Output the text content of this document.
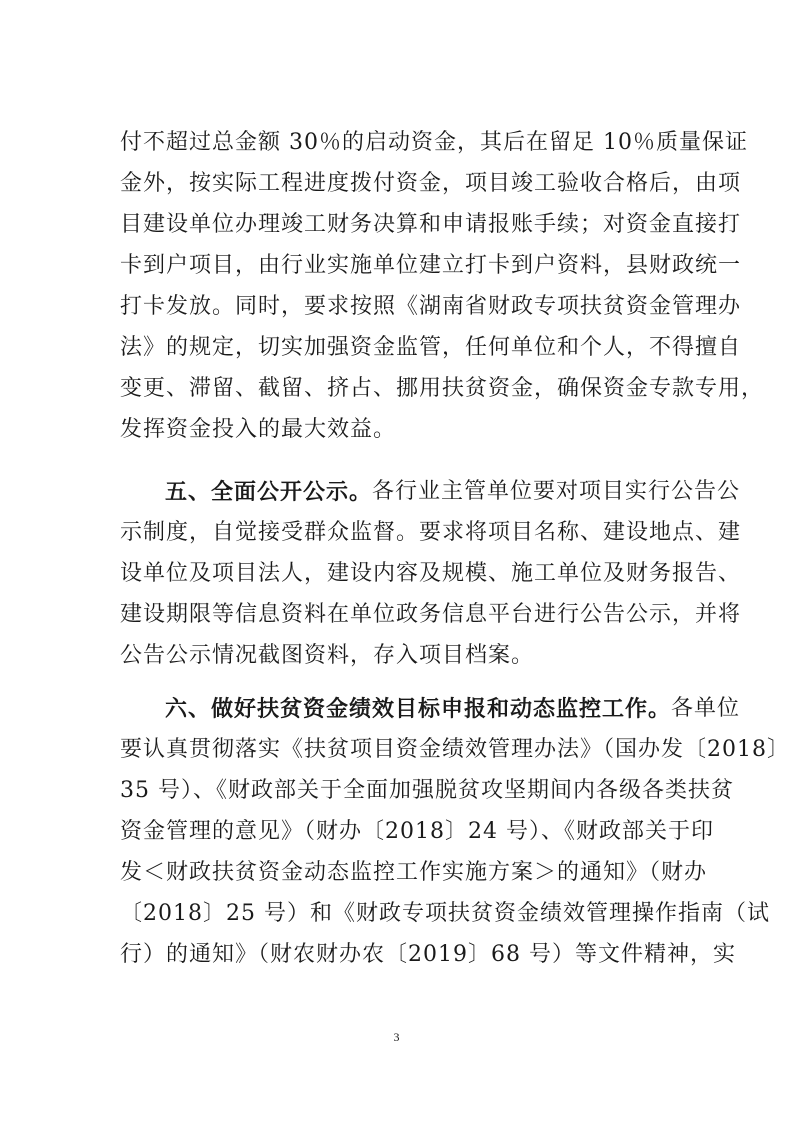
付不超过总金额 30％的启动资金，其后在留足 10％质量保证
金外，按实际工程进度拨付资金，项目竣工验收合格后，由项
目建设单位办理竣工财务决算和申请报账手续；对资金直接打
卡到户项目，由行业实施单位建立打卡到户资料，县财政统一
打卡发放。同时，要求按照《湖南省财政专项扶贫资金管理办
法》的规定，切实加强资金监管，任何单位和个人，不得擅自
变更、滞留、截留、挤占、挪用扶贫资金，确保资金专款专用，
发挥资金投入的最大效益。
五、全面公开公示。 各行业主管单位要对项目实行公告公
示制度，自觉接受群众监督。要求将项目名称、建设地点、建
设单位及项目法人，建设内容及规模、施工单位及财务报告、
建设期限等信息资料在单位政务信息平台进行公告公示，并将
公告公示情况截图资料，存入项目档案。
六、做好扶贫资金绩效目标申报和动态监控工作。 各单位
要认真贯彻落实《扶贫项目资金绩效管理办法》（国办发〔2018〕
35 号）、《财政部关于全面加强脱贫攻坚期间内各级各类扶贫
资金管理的意见》（财办〔2018〕24 号）、《财政部关于印
发＜财政扶贫资金动态监控工作实施方案＞的通知》（财办
〔2018〕25 号）和《财政专项扶贫资金绩效管理操作指南（试
行）的通知》（财农财办农〔2019〕68 号）等文件精神，实
3
